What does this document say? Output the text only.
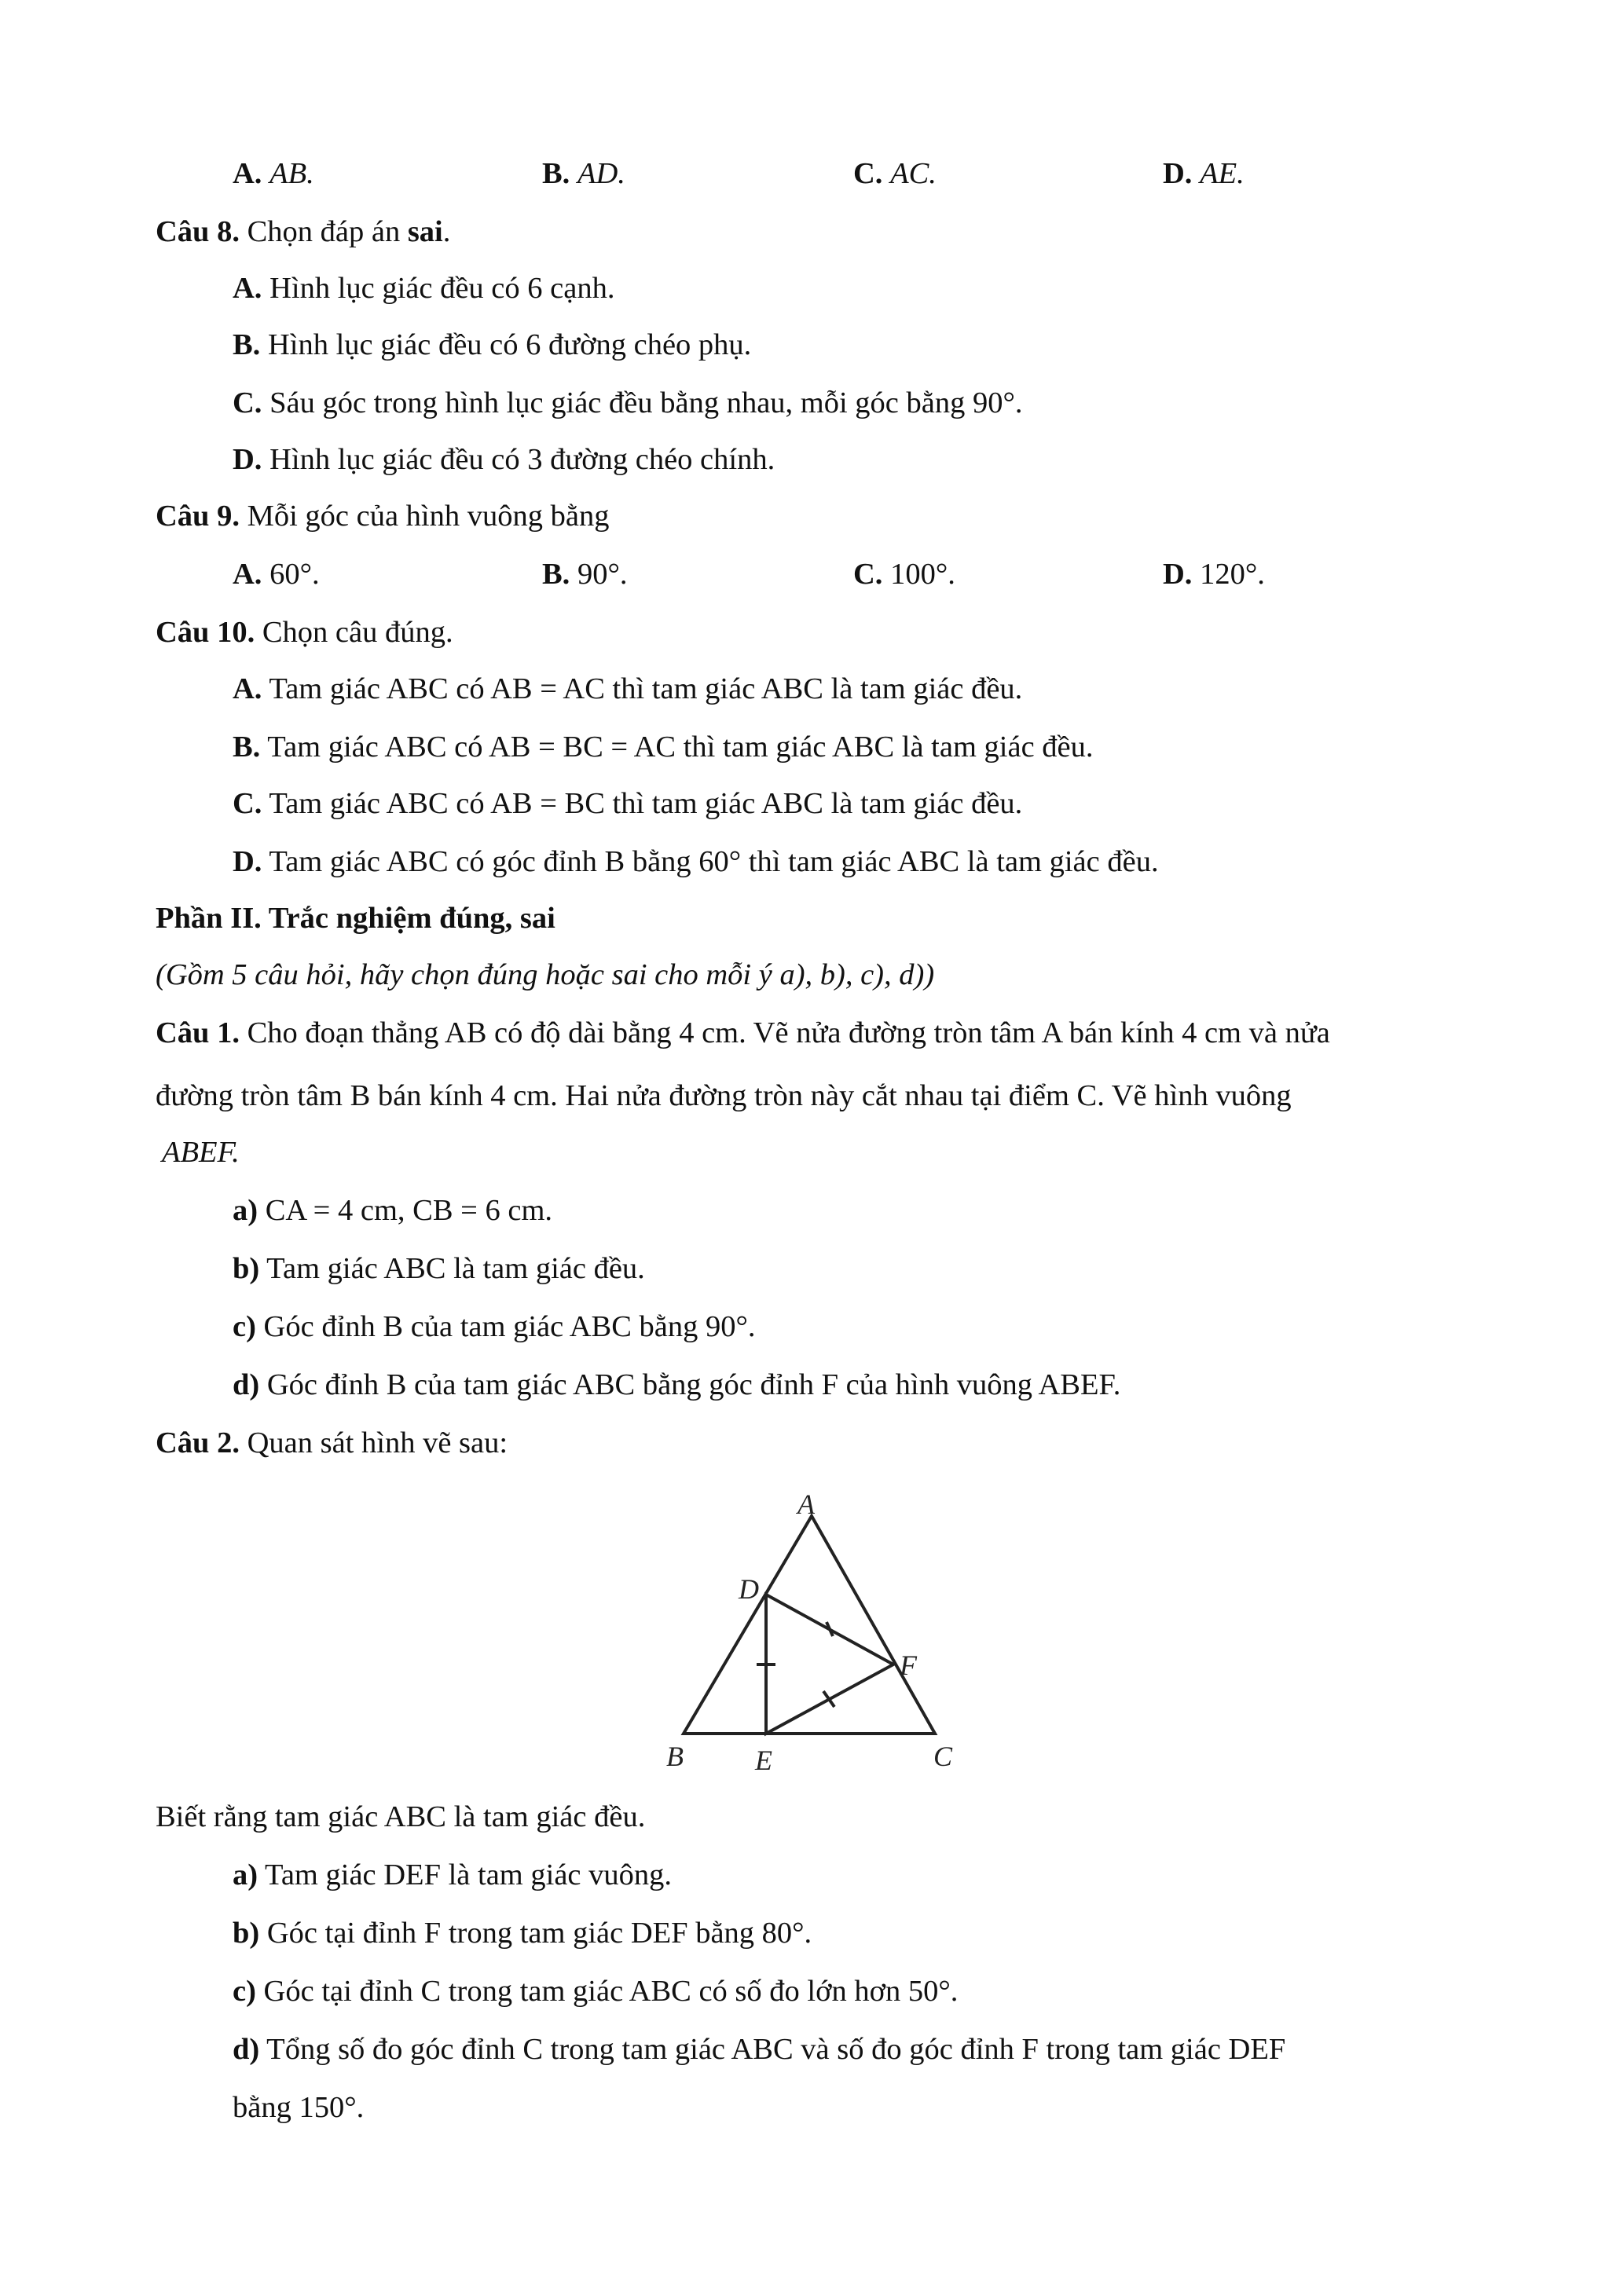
A. AB.	B. AD.	C. AC.	D. AE.
Câu 8. Chọn đáp án sai.
A. Hình lục giác đều có 6 cạnh.
B. Hình lục giác đều có 6 đường chéo phụ.
C. Sáu góc trong hình lục giác đều bằng nhau, mỗi góc bằng 90°.
D. Hình lục giác đều có 3 đường chéo chính.
Câu 9. Mỗi góc của hình vuông bằng
A. 60°.	B. 90°.	C. 100°.	D. 120°.
Câu 10. Chọn câu đúng.
A. Tam giác ABC có AB = AC thì tam giác ABC là tam giác đều.
B. Tam giác ABC có AB = BC = AC thì tam giác ABC là tam giác đều.
C. Tam giác ABC có AB = BC thì tam giác ABC là tam giác đều.
D. Tam giác ABC có góc đỉnh B bằng 60° thì tam giác ABC là tam giác đều.
Phần II. Trắc nghiệm đúng, sai
(Gồm 5 câu hỏi, hãy chọn đúng hoặc sai cho mỗi ý a), b), c), d))
Câu 1. Cho đoạn thẳng AB có độ dài bằng 4 cm. Vẽ nửa đường tròn tâm A bán kính 4 cm và nửa
đường tròn tâm B bán kính 4 cm. Hai nửa đường tròn này cắt nhau tại điểm C. Vẽ hình vuông
ABEF.
a) CA = 4 cm, CB = 6 cm.
b) Tam giác ABC là tam giác đều.
c) Góc đỉnh B của tam giác ABC bằng 90°.
d) Góc đỉnh B của tam giác ABC bằng góc đỉnh F của hình vuông ABEF.
Câu 2. Quan sát hình vẽ sau:
A
D
F
B	E	C
Biết rằng tam giác ABC là tam giác đều.
a) Tam giác DEF là tam giác vuông.
b) Góc tại đỉnh F trong tam giác DEF bằng 80°.
c) Góc tại đỉnh C trong tam giác ABC có số đo lớn hơn 50°.
d) Tổng số đo góc đỉnh C trong tam giác ABC và số đo góc đỉnh F trong tam giác DEF
bằng 150°.
